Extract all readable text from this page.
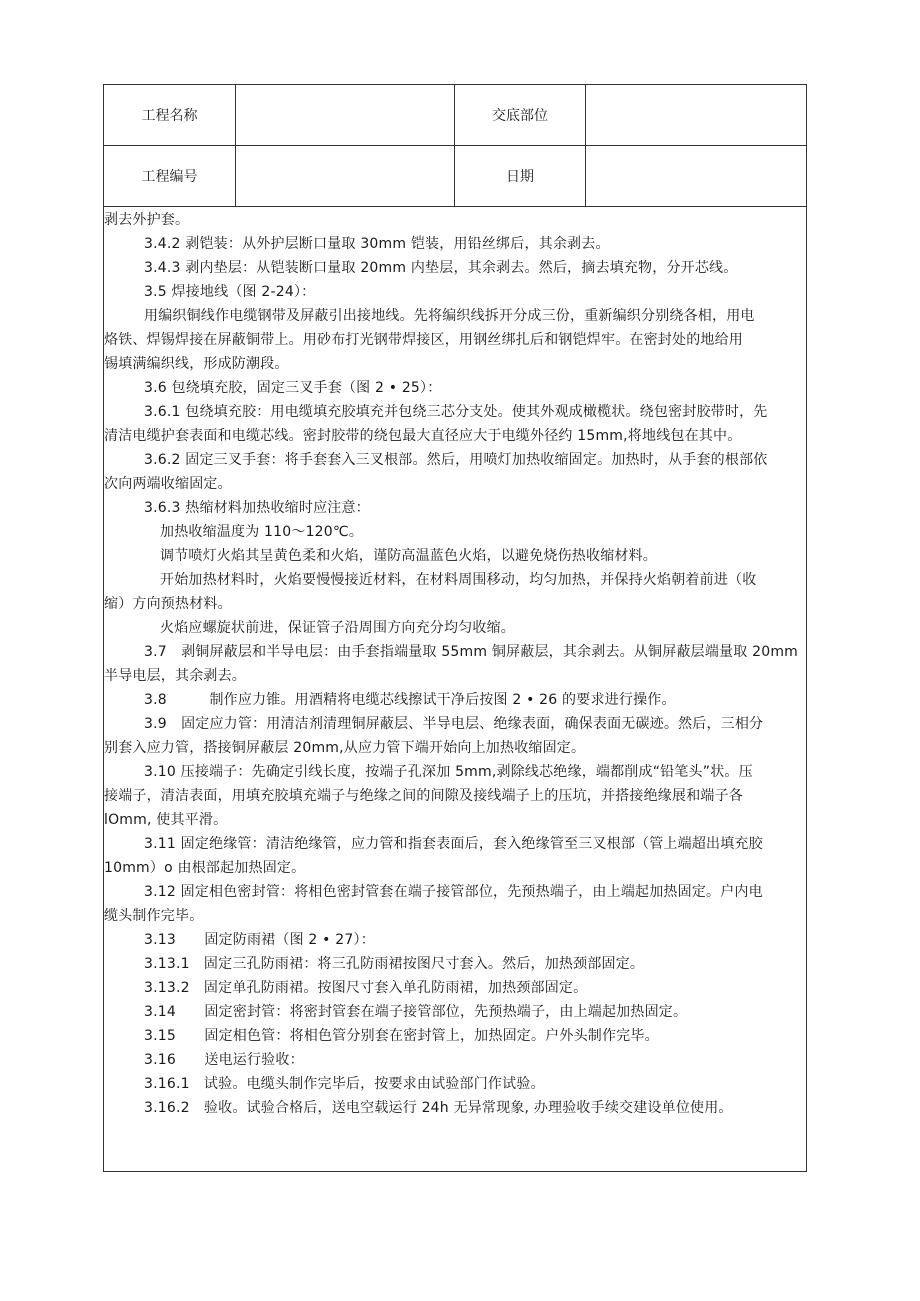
工程名称	交底部位
工程编号	日期
剥去外护套。
3.4.2 剥铠装：从外护层断口量取 30mm 铠装，用铅丝绑后，其余剥去。
3.4.3 剥内垫层：从铠装断口量取 20mm 内垫层，其余剥去。然后，摘去填充物，分开芯线。
3.5 焊接地线（图 2-24）：
用编织铜线作电缆钢带及屏蔽引出接地线。先将编织线拆开分成三份，重新编织分别绕各相，用电
烙铁、焊锡焊接在屏蔽铜带上。用砂布打光钢带焊接区，用钢丝绑扎后和钢铠焊牢。在密封处的地给用
锡填满编织线，形成防潮段。
3.6 包绕填充胶，固定三叉手套（图 2 • 25）：
3.6.1 包绕填充胶：用电缆填充胶填充并包绕三芯分支处。使其外观成橄榄状。绕包密封胶带时，先
清洁电缆护套表面和电缆芯线。密封胶带的绕包最大直径应大于电缆外径约 15mm,将地线包在其中。
3.6.2 固定三叉手套：将手套套入三叉根部。然后，用喷灯加热收缩固定。加热时，从手套的根部依
次向两端收缩固定。
3.6.3 热缩材料加热收缩时应注意：
加热收缩温度为 110～120℃。
调节喷灯火焰其呈黄色柔和火焰，谨防高温蓝色火焰，以避免烧伤热收缩材料。
开始加热材料时，火焰要慢慢接近材料，在材料周围移动，均匀加热，并保持火焰朝着前进（收
缩）方向预热材料。
火焰应螺旋状前进，保证管子沿周围方向充分均匀收缩。
3.7　剥铜屏蔽层和半导电层：由手套指端量取 55mm 铜屏蔽层，其余剥去。从铜屏蔽层端量取 20mm
半导电层，其余剥去。
3.8　　　制作应力锥。用酒精将电缆芯线擦试干净后按图 2 • 26 的要求进行操作。
3.9　固定应力管：用清洁剂清理铜屏蔽层、半导电层、绝缘表面，确保表面无碳迹。然后，三相分
别套入应力管，搭接铜屏蔽层 20mm,从应力管下端开始向上加热收缩固定。
3.10 压接端子：先确定引线长度，按端子孔深加 5mm,剥除线芯绝缘，端都削成“铅笔头”状。压
接端子，清洁表面，用填充胶填充端子与绝缘之间的间隙及接线端子上的压坑，并搭接绝缘展和端子各
lOmm, 使其平滑。
3.11 固定绝缘管：清洁绝缘管，应力管和指套表面后，套入绝缘管至三叉根部（管上端超出填充胶
10mm）o 由根部起加热固定。
3.12 固定相色密封管：将相色密封管套在端子接管部位，先预热端子，由上端起加热固定。户内电
缆头制作完毕。
3.13　　固定防雨裙（图 2 • 27）：
3.13.1　固定三孔防雨裙：将三孔防雨裙按图尺寸套入。然后，加热颈部固定。
3.13.2　固定单孔防雨裙。按图尺寸套入单孔防雨裙，加热颈部固定。
3.14　　固定密封管：将密封管套在端子接管部位，先预热端子，由上端起加热固定。
3.15　　固定相色管：将相色管分别套在密封管上，加热固定。户外头制作完毕。
3.16　　送电运行验收：
3.16.1　试验。电缆头制作完毕后，按要求由试验部门作试验。
3.16.2　验收。试验合格后，送电空载运行 24h 无异常现象, 办理验收手续交建设单位使用。
